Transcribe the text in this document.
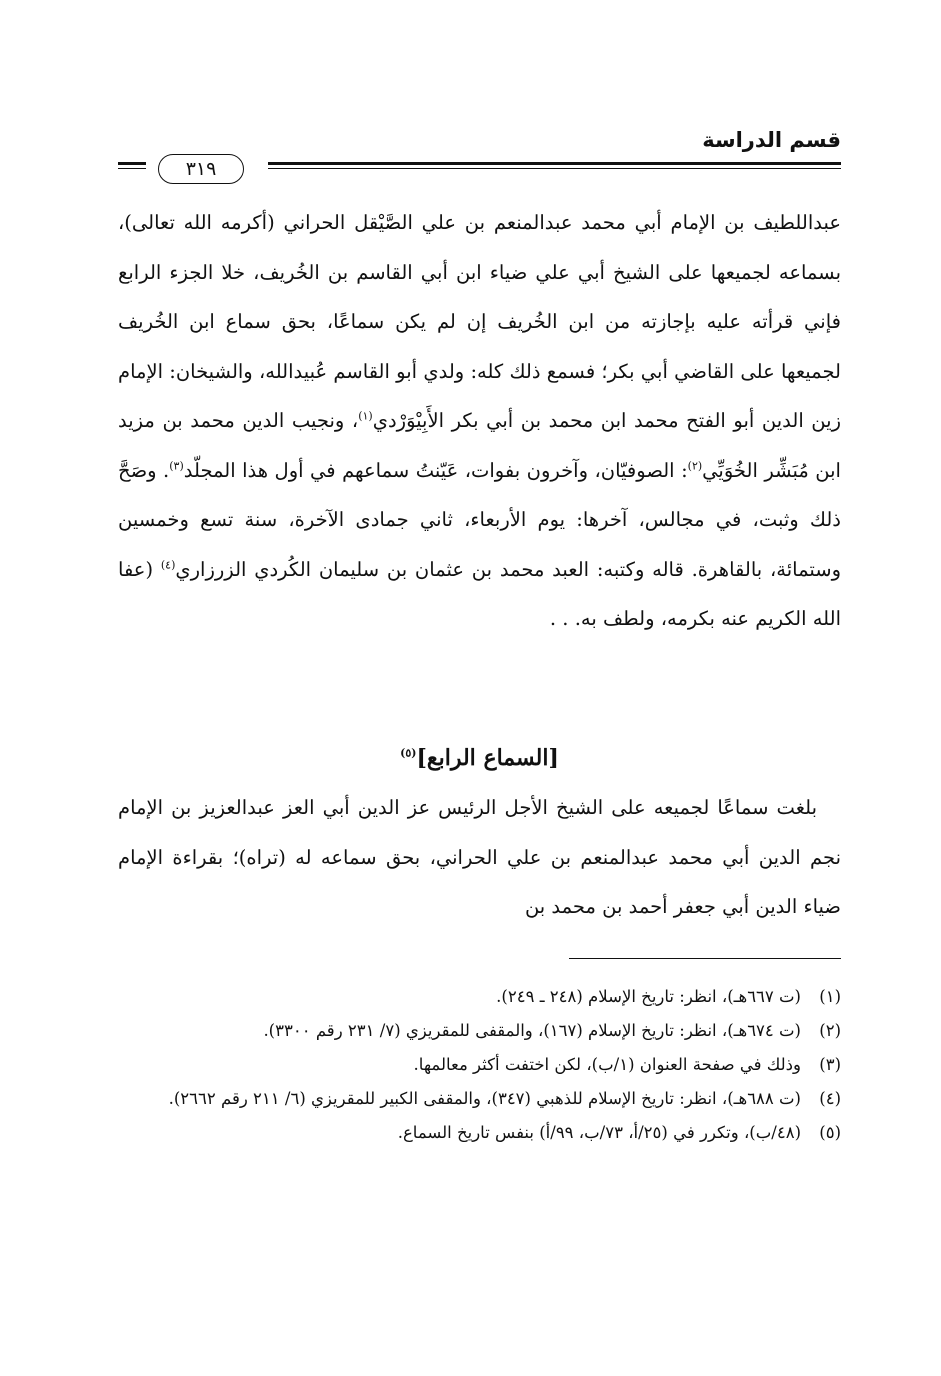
قسم الدراسة
٣١٩

عبداللطيف بن الإمام أبي محمد عبدالمنعم بن علي الصَّيْقل الحراني (أكرمه الله تعالى)، بسماعه لجميعها على الشيخ أبي علي ضياء ابن أبي القاسم بن الخُريف، خلا الجزء الرابع فإني قرأته عليه بإجازته من ابن الخُريف إن لم يكن سماعًا، بحق سماع ابن الخُريف لجميعها على القاضي أبي بكر؛ فسمع ذلك كله: ولدي أبو القاسم عُبيدالله، والشيخان: الإمام زين الدين أبو الفتح محمد ابن محمد بن أبي بكر الأَبِيْوَرْدي$^{(١)}$، ونجيب الدين محمد بن مزيد ابن مُبَشِّر الخُوَيِّي$^{(٢)}$: الصوفيّان، وآخرون بفوات، عَيّنتُ سماعهم في أول هذا المجلّد$^{(٣)}$. وصَحَّ ذلك وثبت، في مجالس، آخرها: يوم الأربعاء، ثاني جمادى الآخرة، سنة تسع وخمسين وستمائة، بالقاهرة. قاله وكتبه: العبد محمد بن عثمان بن سليمان الكُردي الزرزاري$^{(٤)}$ (عفا الله الكريم عنه بكرمه، ولطف به. . .

[السماع الرابع]$^{(٥)}$

بلغت سماعًا لجميعه على الشيخ الأجل الرئيس عز الدين أبي العز عبدالعزيز بن الإمام نجم الدين أبي محمد عبدالمنعم بن علي الحراني، بحق سماعه له (تراه)؛ بقراءة الإمام ضياء الدين أبي جعفر أحمد بن محمد بن

(١)
(ت ٦٦٧هـ)، انظر: تاريخ الإسلام (٢٤٨ ـ ٢٤٩).
(٢)
(ت ٦٧٤هـ)، انظر: تاريخ الإسلام (١٦٧)، والمقفى للمقريزي (٧/ ٢٣١ رقم ٣٣٠٠).
(٣)
وذلك في صفحة العنوان (١/ب)، لكن اختفت أكثر معالمها.
(٤)
(ت ٦٨٨هـ)، انظر: تاريخ الإسلام للذهبي (٣٤٧)، والمقفى الكبير للمقريزي (٦/ ٢١١ رقم ٢٦٦٢).
(٥)
(٤٨/ب)، وتكرر في (٢٥/أ، ٧٣/ب، ٩٩/أ) بنفس تاريخ السماع.
